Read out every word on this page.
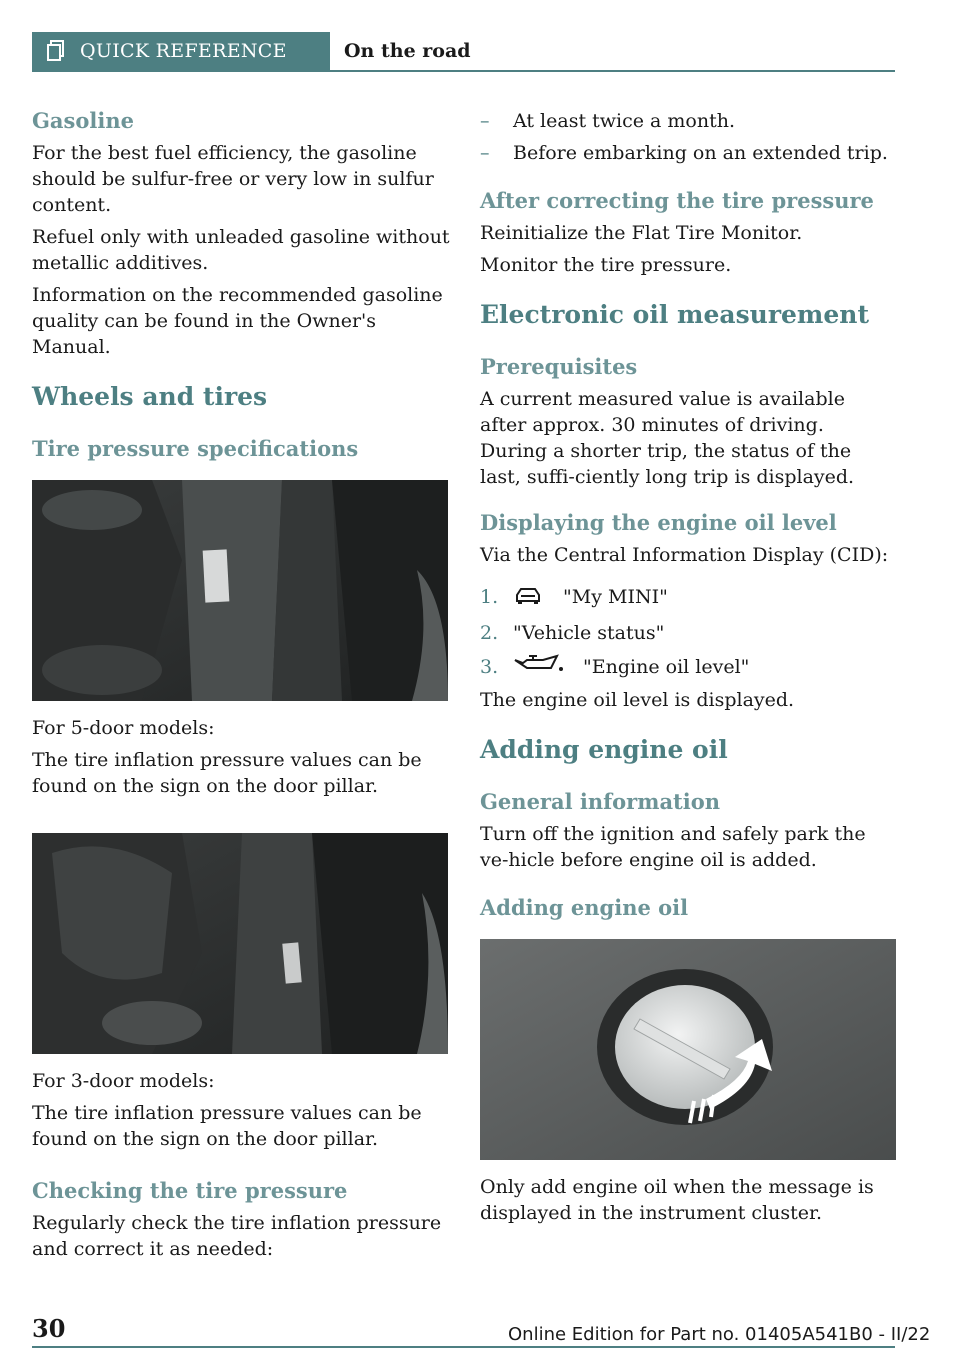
QUICK REFERENCE	On the road
Gasoline

For the best fuel efficiency, the gasoline should be sulfur-free or very low in sulfur content.

Refuel only with unleaded gasoline without metallic additives.

Information on the recommended gasoline quality can be found in the Owner's Manual.

Wheels and tires
Tire pressure specifications

For 5-door models:

The tire inflation pressure values can be found on the sign on the door pillar.

For 3-door models:

The tire inflation pressure values can be found on the sign on the door pillar.

Checking the tire pressure

Regularly check the tire inflation pressure and correct it as needed:

– At least twice a month.
– Before embarking on an extended trip.
After correcting the tire pressure

Reinitialize the Flat Tire Monitor.

Monitor the tire pressure.

Electronic oil measurement
Prerequisites

A current measured value is available after approx. 30 minutes of driving. During a shorter trip, the status of the last, suffi-ciently long trip is displayed.

Displaying the engine oil level

Via the Central Information Display (CID):

1.	"My MINI"
2. "Vehicle status"
3.	"Engine oil level"

The engine oil level is displayed.

Adding engine oil
General information

Turn off the ignition and safely park the ve-hicle before engine oil is added.

Adding engine oil

Only add engine oil when the message is displayed in the instrument cluster.

30	Online Edition for Part no. 01405A541B0 - II/22
